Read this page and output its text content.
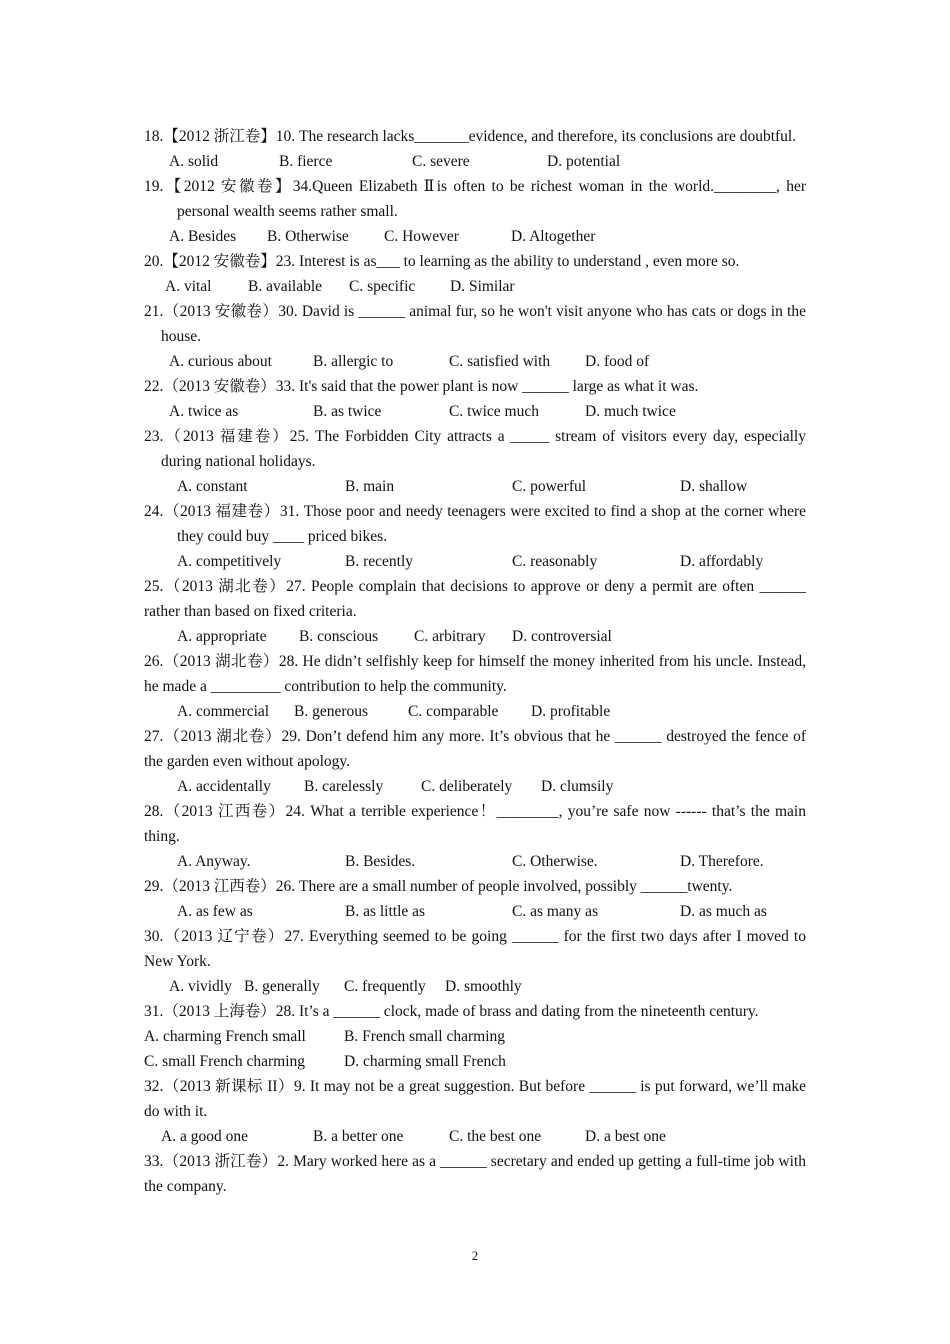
18.【2012 浙江卷】10. The research lacks_______evidence, and therefore, its conclusions are doubtful.
A. solid	B. fierce	C. severe	D. potential
19.【2012 安徽卷】34.Queen Elizabeth Ⅱis often to be richest woman in the world.________, her personal wealth seems rather small.
A. Besides B. Otherwise C. However	D. Altogether
20.【2012 安徽卷】23. Interest is as___ to learning as the ability to understand , even more so.
A. vital B. available C. specific D. Similar
21.（2013 安徽卷）30. David is ______ animal fur, so he won't visit anyone who has cats or dogs in the house.
A. curious about	B. allergic to	C. satisfied with D. food of
22.（2013 安徽卷）33. It's said that the power plant is now ______ large as what it was.
A. twice as	B. as twice	C. twice much	D. much twice
23.（2013 福建卷）25. The Forbidden City attracts a _____ stream of visitors every day, especially during national holidays.
A. constant	B. main	C. powerful	D. shallow
24.（2013 福建卷）31. Those poor and needy teenagers were excited to find a shop at the corner where they could buy ____ priced bikes.
A. competitively	B. recently	C. reasonably	D. affordably
25.（2013 湖北卷）27. People complain that decisions to approve or deny a permit are often ______ rather than based on fixed criteria.
A. appropriate B. conscious C. arbitrary D. controversial
26.（2013 湖北卷）28. He didn’t selfishly keep for himself the money inherited from his uncle. Instead, he made a _________ contribution to help the community.
A. commercial B. generous	C. comparable D. profitable
27.（2013 湖北卷）29. Don’t defend him any more. It’s obvious that he ______ destroyed the fence of the garden even without apology.
A. accidentally B. carelessly C. deliberately D. clumsily
28.（2013 江西卷）24. What a terrible experience！________, you’re safe now ------ that’s the main thing.
A. Anyway.	B. Besides.	C. Otherwise.	D. Therefore.
29.（2013 江西卷）26. There are a small number of people involved, possibly ______twenty.
A. as few as	B. as little as	C. as many as	D. as much as
30.（2013 辽宁卷）27. Everything seemed to be going ______ for the first two days after I moved to New York.
A. vividly B. generally C. frequently D. smoothly
31.（2013 上海卷）28. It’s a ______ clock, made of brass and dating from the nineteenth century.
A. charming French small B. French small charming
C. small French charming	D. charming small French
32.（2013 新课标 II）9. It may not be a great suggestion. But before ______ is put forward, we’ll make do with it.
A. a good one	B. a better one	C. the best one	D. a best one
33.（2013 浙江卷）2. Mary worked here as a ______ secretary and ended up getting a full-time job with the company.
2
